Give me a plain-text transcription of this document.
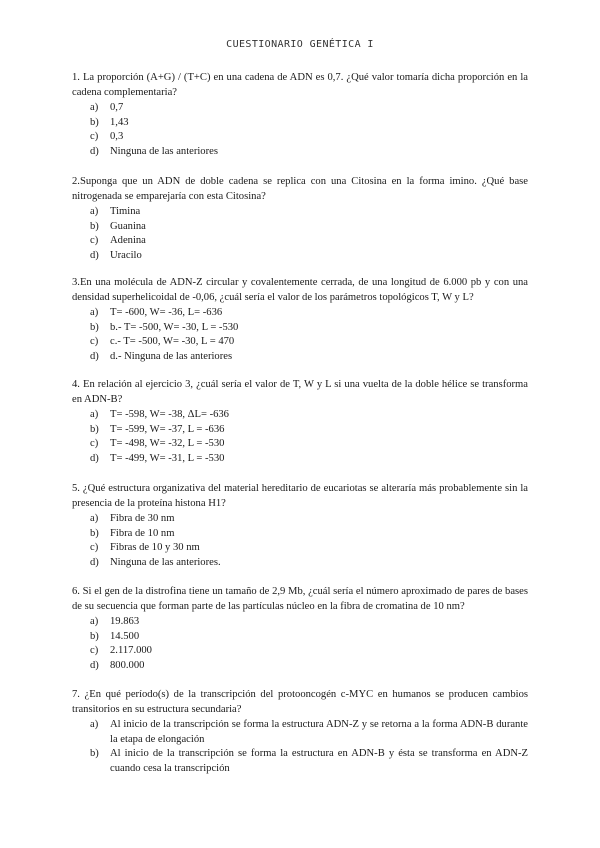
CUESTIONARIO GENÉTICA I
1. La proporción (A+G) / (T+C) en una cadena de ADN es 0,7. ¿Qué valor tomaría dicha proporción en la cadena complementaria?
a)	0,7
b)	1,43
c)	0,3
d)	Ninguna de las anteriores
2.Suponga que un ADN de doble cadena se replica con una Citosina en la forma imino. ¿Qué base nitrogenada se emparejaría con esta Citosina?
a)	Timina
b)	Guanina
c)	Adenina
d)	Uracilo
3.En una molécula de ADN-Z circular y covalentemente cerrada, de una longitud de 6.000 pb y con una densidad superhelicoidal de -0,06, ¿cuál sería el valor de los parámetros topológicos T, W y L?
a)	T= -600, W= -36, L= -636
b)	b.- T= -500, W= -30, L = -530
c)	c.- T= -500, W= -30, L = 470
d)	d.- Ninguna de las anteriores
4. En relación al ejercicio 3, ¿cuál sería el valor de T, W y L si una vuelta de la doble hélice se transforma en ADN-B?
a)	T= -598, W= -38, ΔL= -636
b)	T= -599, W= -37, L = -636
c)	T= -498, W= -32, L = -530
d)	T= -499, W= -31, L = -530
5. ¿Qué estructura organizativa del material hereditario de eucariotas se alteraría más probablemente sin la presencia de la proteína histona H1?
a)	Fibra de 30 nm
b)	Fibra de 10 nm
c)	Fibras de 10 y 30 nm
d)	Ninguna de las anteriores.
6. Si el gen de la distrofina tiene un tamaño de 2,9 Mb, ¿cuál sería el número aproximado de pares de bases de su secuencia que forman parte de las partículas núcleo en la fibra de cromatina de 10 nm?
a)	19.863
b)	14.500
c)	2.117.000
d)	800.000
7. ¿En qué período(s) de la transcripción del protooncogén c-MYC en humanos se producen cambios transitorios en su estructura secundaria?
a)	Al inicio de la transcripción se forma la estructura ADN-Z y se retorna a la forma ADN-B durante la etapa de elongación
b)	Al inicio de la transcripción se forma la estructura en ADN-B y ésta se transforma en ADN-Z cuando cesa la transcripción
